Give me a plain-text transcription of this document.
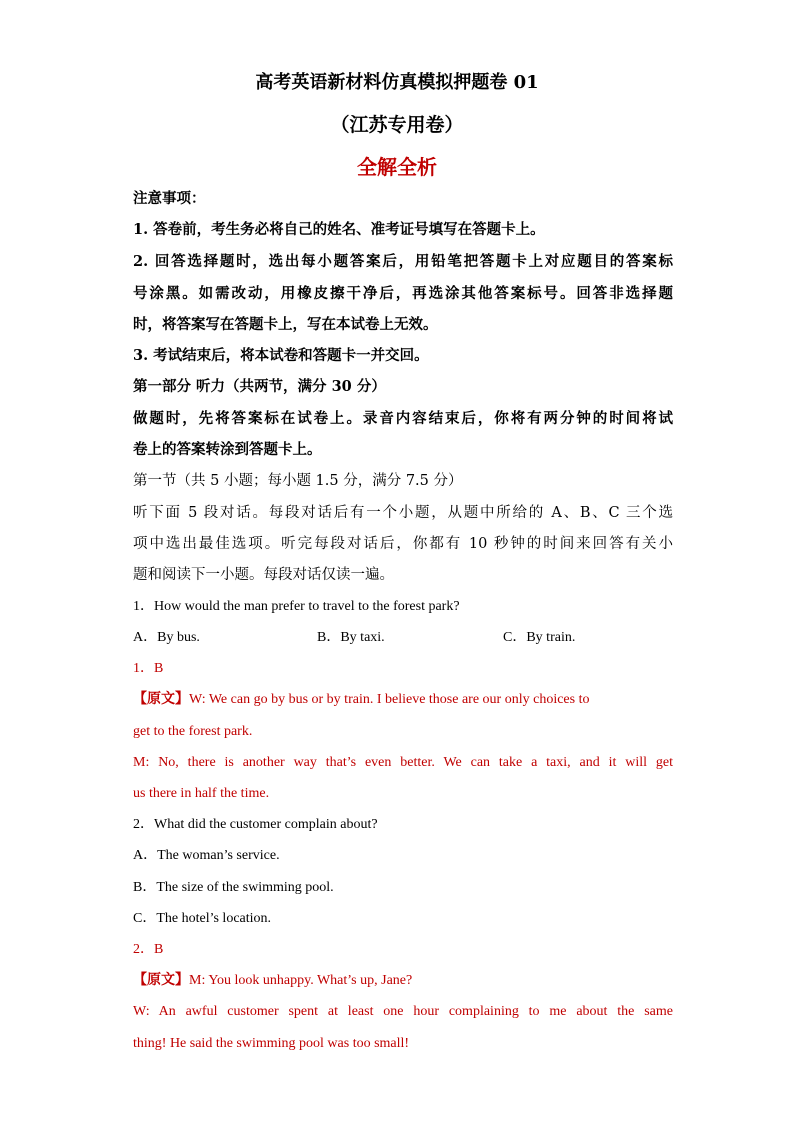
高考英语新材料仿真模拟押题卷 01
（江苏专用卷）
全解全析
注意事项：
1. 答卷前，考生务必将自己的姓名、准考证号填写在答题卡上。
2. 回答选择题时，选出每小题答案后，用铅笔把答题卡上对应题目的答案标
号涂黑。如需改动，用橡皮擦干净后，再选涂其他答案标号。回答非选择题
时，将答案写在答题卡上，写在本试卷上无效。
3. 考试结束后，将本试卷和答题卡一并交回。
第一部分 听力（共两节，满分 30 分）
做题时，先将答案标在试卷上。录音内容结束后，你将有两分钟的时间将试
卷上的答案转涂到答题卡上。
第一节（共 5 小题；每小题 1.5 分，满分 7.5 分）
听下面 5 段对话。每段对话后有一个小题，从题中所给的 A、B、C 三个选
项中选出最佳选项。听完每段对话后，你都有 10 秒钟的时间来回答有关小
题和阅读下一小题。每段对话仅读一遍。
1．How would the man prefer to travel to the forest park?
A．By bus.	B．By taxi.	C．By train.
1．B
【原文】W: We can go by bus or by train. I believe those are our only choices to
get to the forest park.
M: No, there is another way that’s even better. We can take a taxi, and it will get
us there in half the time.
2．What did the customer complain about?
A．The woman’s service.
B．The size of the swimming pool.
C．The hotel’s location.
2．B
【原文】M: You look unhappy. What’s up, Jane?
W: An awful customer spent at least one hour complaining to me about the same
thing! He said the swimming pool was too small!
